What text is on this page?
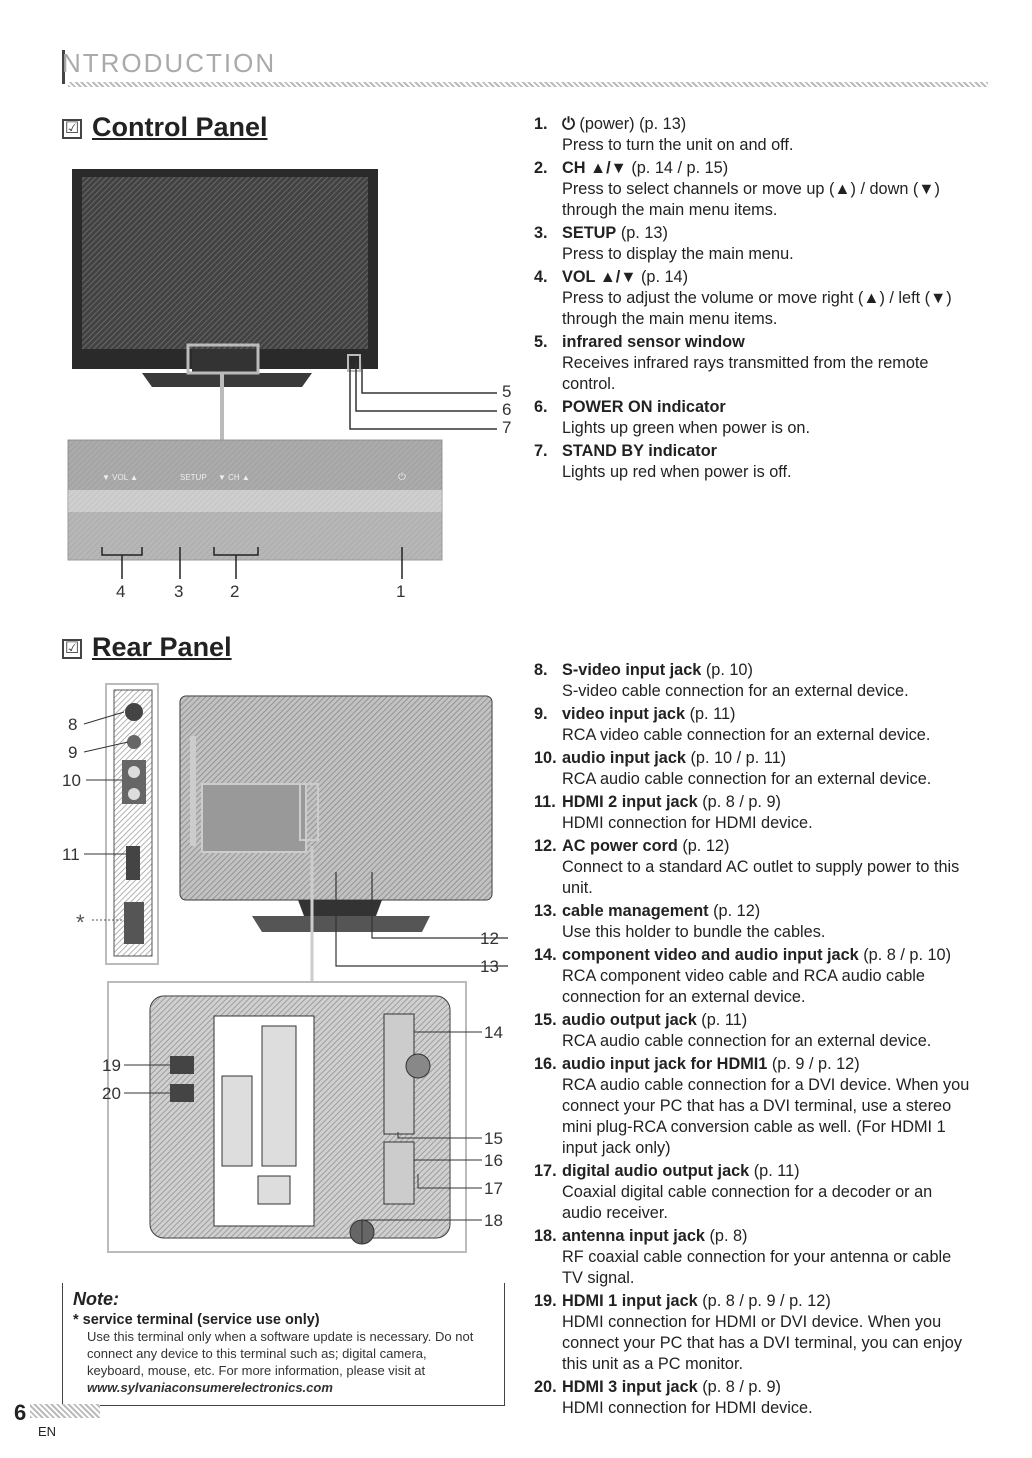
NTRODUCTION
☑ Control Panel
5
6
7
▼ VOL ▲	SETUP ▼ CH ▲	⏻
4	3	2	1
1. ⏻ (power) (p. 13)
Press to turn the unit on and off.
2. CH ▲/▼ (p. 14 / p. 15)
Press to select channels or move up (▲) / down (▼) through the main menu items.
3. SETUP (p. 13)
Press to display the main menu.
4. VOL ▲/▼ (p. 14)
Press to adjust the volume or move right (▲) / left (▼) through the main menu items.
5. infrared sensor window
Receives infrared rays transmitted from the remote control.
6. POWER ON indicator
Lights up green when power is on.
7. STAND BY indicator
Lights up red when power is off.
☑ Rear Panel
8
9
10
11
*
12
13
14
15
16
17
18
19
20
8. S-video input jack (p. 10)
S-video cable connection for an external device.
9. video input jack (p. 11)
RCA video cable connection for an external device.
10. audio input jack (p. 10 / p. 11)
RCA audio cable connection for an external device.
11. HDMI 2 input jack (p. 8 / p. 9)
HDMI connection for HDMI device.
12. AC power cord (p. 12)
Connect to a standard AC outlet to supply power to this unit.
13. cable management (p. 12)
Use this holder to bundle the cables.
14. component video and audio input jack (p. 8 / p. 10)
RCA component video cable and RCA audio cable connection for an external device.
15. audio output jack (p. 11)
RCA audio cable connection for an external device.
16. audio input jack for HDMI1 (p. 9 / p. 12)
RCA audio cable connection for a DVI device. When you connect your PC that has a DVI terminal, use a stereo mini plug-RCA conversion cable as well. (For HDMI 1 input jack only)
17. digital audio output jack (p. 11)
Coaxial digital cable connection for a decoder or an audio receiver.
18. antenna input jack (p. 8)
RF coaxial cable connection for your antenna or cable TV signal.
19. HDMI 1 input jack (p. 8 / p. 9 / p. 12)
HDMI connection for HDMI or DVI device. When you connect your PC that has a DVI terminal, you can enjoy this unit as a PC monitor.
20. HDMI 3 input jack (p. 8 / p. 9)
HDMI connection for HDMI device.
Note:
* service terminal (service use only)
Use this terminal only when a software update is necessary. Do not connect any device to this terminal such as; digital camera, keyboard, mouse, etc. For more information, please visit at www.sylvaniaconsumerelectronics.com
6
EN
